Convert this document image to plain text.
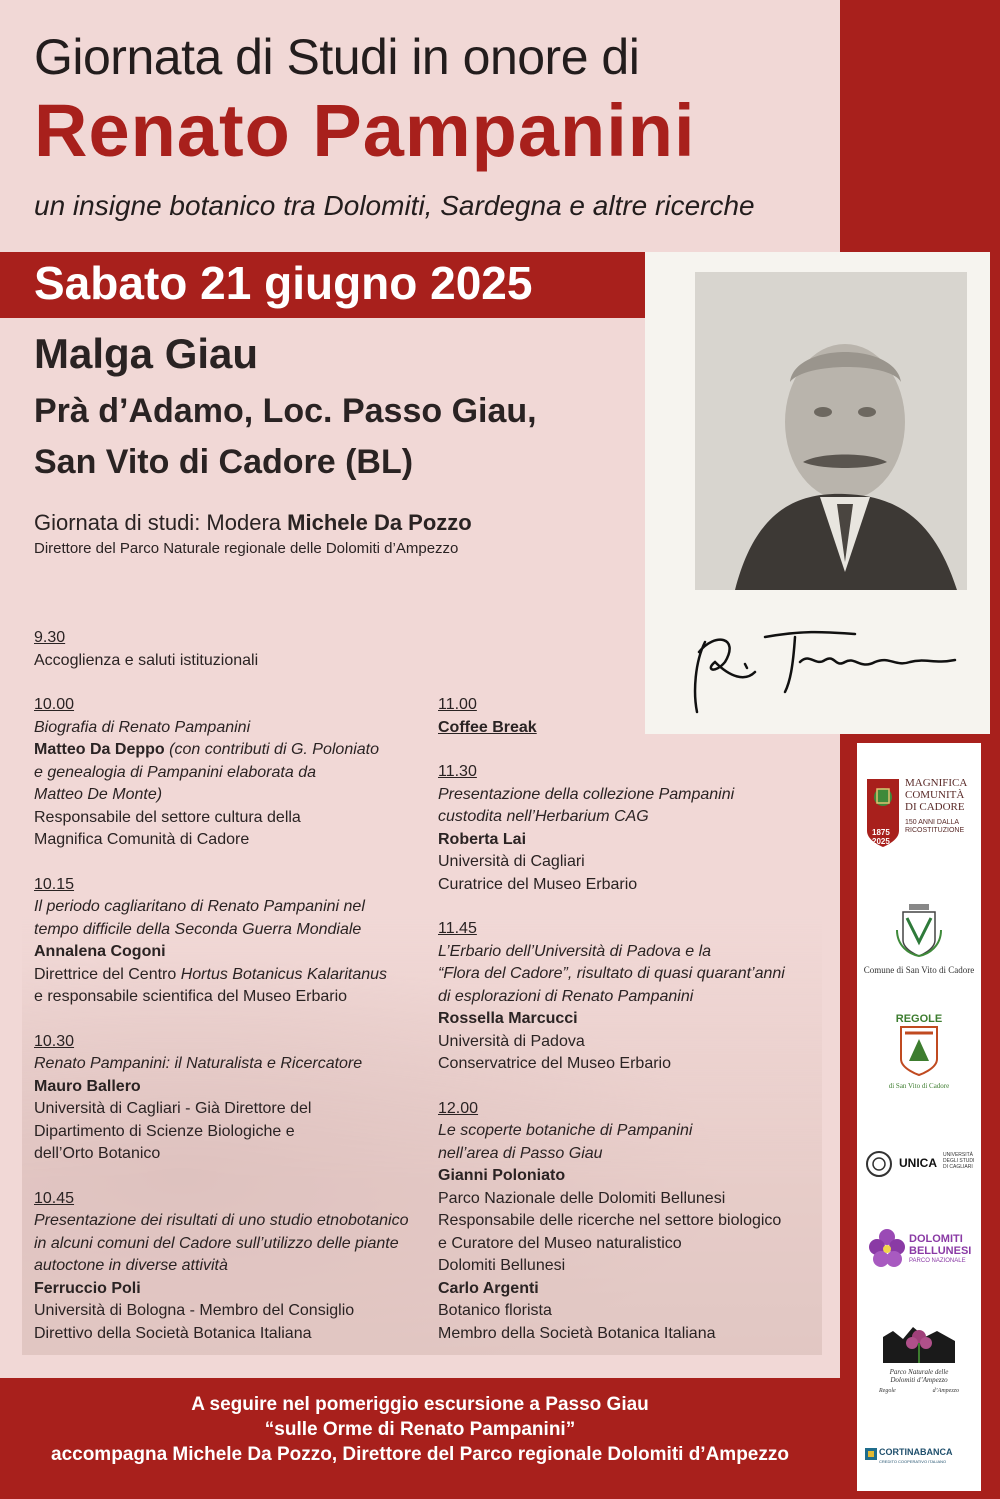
Giornata di Studi in onore di
Renato Pampanini
un insigne botanico tra Dolomiti, Sardegna e altre ricerche
Sabato 21 giugno 2025
Malga Giau
Prà d’Adamo, Loc. Passo Giau,
San Vito di Cadore (BL)
Giornata di studi: Modera Michele Da Pozzo
Direttore del Parco Naturale regionale delle Dolomiti d’Ampezzo
9.30
Accoglienza e saluti istituzionali
10.00
Biografia di Renato Pampanini
Matteo Da Deppo (con contributi di G. Poloniato
e genealogia di Pampanini elaborata da
Matteo De Monte)
Responsabile del settore cultura della
Magnifica Comunità di Cadore
10.15
Il periodo cagliaritano di Renato Pampanini nel
tempo difficile della Seconda Guerra Mondiale
Annalena Cogoni
Direttrice del Centro Hortus Botanicus Kalaritanus
e responsabile scientifica del Museo Erbario
10.30
Renato Pampanini: il Naturalista e Ricercatore
Mauro Ballero
Università di Cagliari - Già Direttore del
Dipartimento di Scienze Biologiche e
dell’Orto Botanico
10.45
Presentazione dei risultati di uno studio etnobotanico
in alcuni comuni del Cadore sull’utilizzo delle piante
autoctone in diverse attività
Ferruccio Poli
Università di Bologna - Membro del Consiglio
Direttivo della Società Botanica Italiana
11.00
Coffee Break
11.30
Presentazione della collezione Pampanini
custodita nell’Herbarium CAG
Roberta Lai
Università di Cagliari
Curatrice del Museo Erbario
11.45
L’Erbario dell’Università di Padova e la
“Flora del Cadore”, risultato di quasi quarant’anni
di esplorazioni di Renato Pampanini
Rossella Marcucci
Università di Padova
Conservatrice del Museo Erbario
12.00
Le scoperte botaniche di Pampanini
nell’area di Passo Giau
Gianni Poloniato
Parco Nazionale delle Dolomiti Bellunesi
Responsabile delle ricerche nel settore biologico
e Curatore del Museo naturalistico
Dolomiti Bellunesi
Carlo Argenti
Botanico florista
Membro della Società Botanica Italiana
A seguire nel pomeriggio escursione a Passo Giau
“sulle Orme di Renato Pampanini”
accompagna Michele Da Pozzo, Direttore del Parco regionale Dolomiti d’Ampezzo
1875
2025
MAGNIFICA
COMUNITÀ
DI CADORE
150 ANNI DALLA
RICOSTITUZIONE
Comune di San Vito di Cadore
REGOLE
di San Vito di Cadore
UNICA
UNIVERSITÀ
DEGLI STUDI
DI CAGLIARI
DOLOMITI
BELLUNESI
PARCO NAZIONALE
Parco Naturale delle
Dolomiti d’Ampezzo
Regole	d’Ampezzo
CORTINABANCA
CREDITO COOPERATIVO ITALIANO
